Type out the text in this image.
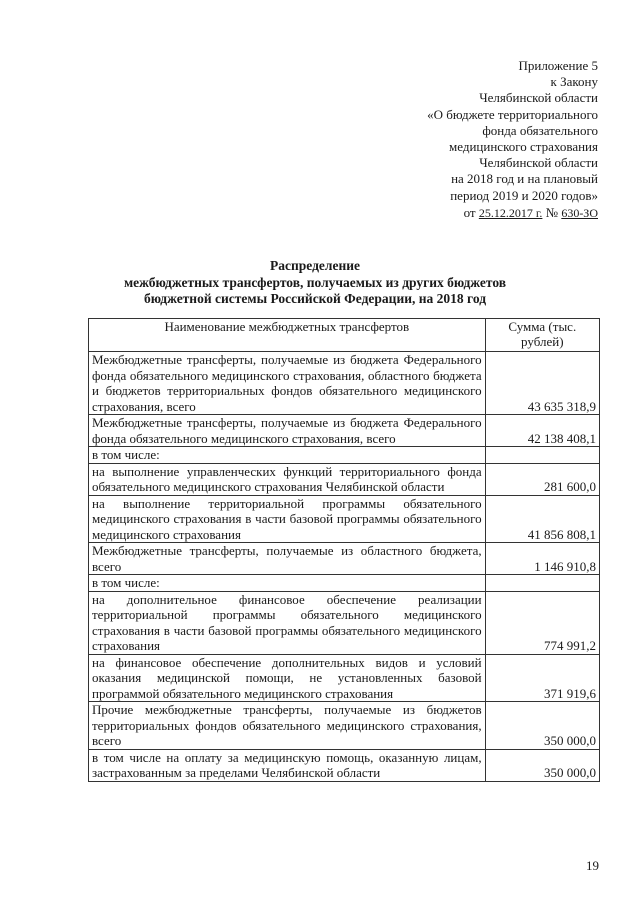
Приложение 5
к Закону
Челябинской области
«О бюджете территориального
фонда обязательного
медицинского страхования
Челябинской области
на 2018 год и на плановый
период 2019 и 2020 годов»
от 25.12.2017 г. № 630-ЗО
Распределение
межбюджетных трансфертов, получаемых из других бюджетов
бюджетной системы Российской Федерации, на 2018 год
Наименование межбюджетных трансфертов	Сумма (тыс. рублей)
Межбюджетные трансферты, получаемые из бюджета Федерального фонда обязательного медицинского страхования, областного бюджета и бюджетов территориальных фондов обязательного медицинского страхования, всего	43 635 318,9
Межбюджетные трансферты, получаемые из бюджета Федерального фонда обязательного медицинского страхования, всего	42 138 408,1
в том числе:	
на выполнение управленческих функций территориального фонда обязательного медицинского страхования Челябинской области	281 600,0
на выполнение территориальной программы обязательного медицинского страхования в части базовой программы обязательного медицинского страхования	41 856 808,1
Межбюджетные трансферты, получаемые из областного бюджета, всего	1 146 910,8
в том числе:	
на дополнительное финансовое обеспечение реализации территориальной программы обязательного медицинского страхования в части базовой программы обязательного медицинского страхования	774 991,2
на финансовое обеспечение дополнительных видов и условий оказания медицинской помощи, не установленных базовой программой обязательного медицинского страхования	371 919,6
Прочие межбюджетные трансферты, получаемые из бюджетов территориальных фондов обязательного медицинского страхования, всего	350 000,0
в том числе на оплату за медицинскую помощь, оказанную лицам, застрахованным за пределами Челябинской области	350 000,0
19
